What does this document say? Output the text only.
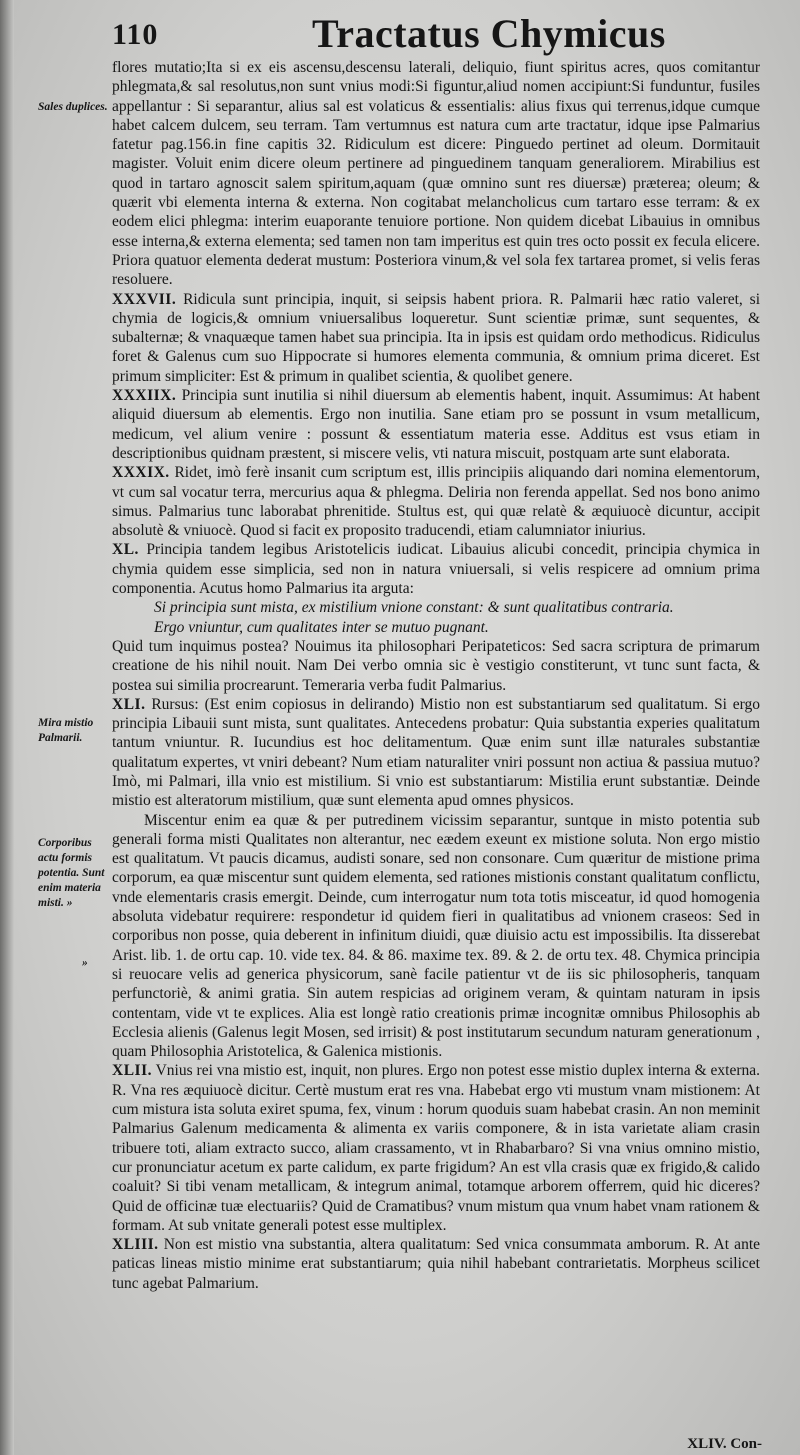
110	Tractatus Chymicus
Sales duplices.
Mira mistio Palmarii.
Corporibus actu formis potentia. Sunt enim materia misti. »
»

flores mutatio;Ita si ex eis ascensu,descensu laterali, deliquio, fiunt spiritus acres, quos comitantur phlegmata,& sal resolutus,non sunt vnius modi:Si figuntur,aliud nomen accipiunt:Si funduntur, fusiles appellantur : Si separantur, alius sal est volaticus & essentialis: alius fixus qui terrenus,idque cumque habet calcem dulcem, seu terram. Tam vertumnus est natura cum arte tractatur, idque ipse Palmarius fatetur pag.156.in fine capitis 32. Ridiculum est dicere: Pinguedo pertinet ad oleum. Dormitauit magister. Voluit enim dicere oleum pertinere ad pinguedinem tanquam generaliorem. Mirabilius est quod in tartaro agnoscit salem spiritum,aquam (quæ omnino sunt res diuersæ) præterea; oleum; & quærit vbi elementa interna & externa. Non cogitabat melancholicus cum tartaro esse terram: & ex eodem elici phlegma: interim euaporante tenuiore portione. Non quidem dicebat Libauius in omnibus esse interna,& externa elementa; sed tamen non tam imperitus est quin tres octo possit ex fecula elicere. Priora quatuor elementa dederat mustum: Posteriora vinum,& vel sola fex tartarea promet, si velis feras resoluere.

XXXVII. Ridicula sunt principia, inquit, si seipsis habent priora. R. Palmarii hæc ratio valeret, si chymia de logicis,& omnium vniuersalibus loqueretur. Sunt scientiæ primæ, sunt sequentes, & subalternæ; & vnaquæque tamen habet sua principia. Ita in ipsis est quidam ordo methodicus. Ridiculus foret & Galenus cum suo Hippocrate si humores elementa communia, & omnium prima diceret. Est primum simpliciter: Est & primum in qualibet scientia, & quolibet genere.

XXXIIX. Principia sunt inutilia si nihil diuersum ab elementis habent, inquit. Assumimus: At habent aliquid diuersum ab elementis. Ergo non inutilia. Sane etiam pro se possunt in vsum metallicum, medicum, vel alium venire : possunt & essentiatum materia esse. Additus est vsus etiam in descriptionibus quidnam præstent, si miscere velis, vti natura miscuit, postquam arte sunt elaborata.

XXXIX. Ridet, imò ferè insanit cum scriptum est, illis principiis aliquando dari nomina elementorum, vt cum sal vocatur terra, mercurius aqua & phlegma. Deliria non ferenda appellat. Sed nos bono animo simus. Palmarius tunc laborabat phrenitide. Stultus est, qui quæ relatè & æquiuocè dicuntur, accipit absolutè & vniuocè. Quod si facit ex proposito traducendi, etiam calumniator iniurius.

XL. Principia tandem legibus Aristotelicis iudicat. Libauius alicubi concedit, principia chymica in chymia quidem esse simplicia, sed non in natura vniuersali, si velis respicere ad omnium prima componentia. Acutus homo Palmarius ita arguta:

Si principia sunt mista, ex mistilium vnione constant: & sunt qualitatibus contraria.

Ergo vniuntur, cum qualitates inter se mutuo pugnant.

Quid tum inquimus postea? Nouimus ita philosophari Peripateticos: Sed sacra scriptura de primarum creatione de his nihil nouit. Nam Dei verbo omnia sic è vestigio constiterunt, vt tunc sunt facta, & postea sui similia procrearunt. Temeraria verba fudit Palmarius.

XLI. Rursus: (Est enim copiosus in delirando) Mistio non est substantiarum sed qualitatum. Si ergo principia Libauii sunt mista, sunt qualitates. Antecedens probatur: Quia substantia experies qualitatum tantum vniuntur. R. Iucundius est hoc delitamentum. Quæ enim sunt illæ naturales substantiæ qualitatum expertes, vt vniri debeant? Num etiam naturaliter vniri possunt non actiua & passiua mutuo? Imò, mi Palmari, illa vnio est mistilium. Si vnio est substantiarum: Mistilia erunt substantiæ. Deinde mistio est alteratorum mistilium, quæ sunt elementa apud omnes physicos.

Miscentur enim ea quæ & per putredinem vicissim separantur, suntque in misto potentia sub generali forma misti Qualitates non alterantur, nec eædem exeunt ex mistione soluta. Non ergo mistio est qualitatum. Vt paucis dicamus, audisti sonare, sed non consonare. Cum quæritur de mistione prima corporum, ea quæ miscentur sunt quidem elementa, sed rationes mistionis constant qualitatum conflictu, vnde elementaris crasis emergit. Deinde, cum interrogatur num tota totis misceatur, id quod homogenia absoluta videbatur requirere: respondetur id quidem fieri in qualitatibus ad vnionem craseos: Sed in corporibus non posse, quia deberent in infinitum diuidi, quæ diuisio actu est impossibilis. Ita disserebat Arist. lib. 1. de ortu cap. 10. vide tex. 84. & 86. maxime tex. 89. & 2. de ortu tex. 48. Chymica principia si reuocare velis ad generica physicorum, sanè facile patientur vt de iis sic philosopheris, tanquam perfunctoriè, & animi gratia. Sin autem respicias ad originem veram, & quintam naturam in ipsis contentam, vide vt te explices. Alia est longè ratio creationis primæ incognitæ omnibus Philosophis ab Ecclesia alienis (Galenus legit Mosen, sed irrisit) & post institutarum secundum naturam generationum , quam Philosophia Aristotelica, & Galenica mistionis.

XLII. Vnius rei vna mistio est, inquit, non plures. Ergo non potest esse mistio duplex interna & externa. R. Vna res æquiuocè dicitur. Certè mustum erat res vna. Habebat ergo vti mustum vnam mistionem: At cum mistura ista soluta exiret spuma, fex, vinum : horum quoduis suam habebat crasin. An non meminit Palmarius Galenum medicamenta & alimenta ex variis componere, & in ista varietate aliam crasin tribuere toti, aliam extracto succo, aliam crassamento, vt in Rhabarbaro? Si vna vnius omnino mistio, cur pronunciatur acetum ex parte calidum, ex parte frigidum? An est vlla crasis quæ ex frigido,& calido coaluit? Si tibi venam metallicam, & integrum animal, totamque arborem offerrem, quid hic diceres? Quid de officinæ tuæ electuariis? Quid de Cramatibus? vnum mistum qua vnum habet vnam rationem & formam. At sub vnitate generali potest esse multiplex.

XLIII. Non est mistio vna substantia, altera qualitatum: Sed vnica consummata amborum. R. At ante paticas lineas mistio minime erat substantiarum; quia nihil habebant contrarietatis. Morpheus scilicet tunc agebat Palmarium.

XLIV. Con-
